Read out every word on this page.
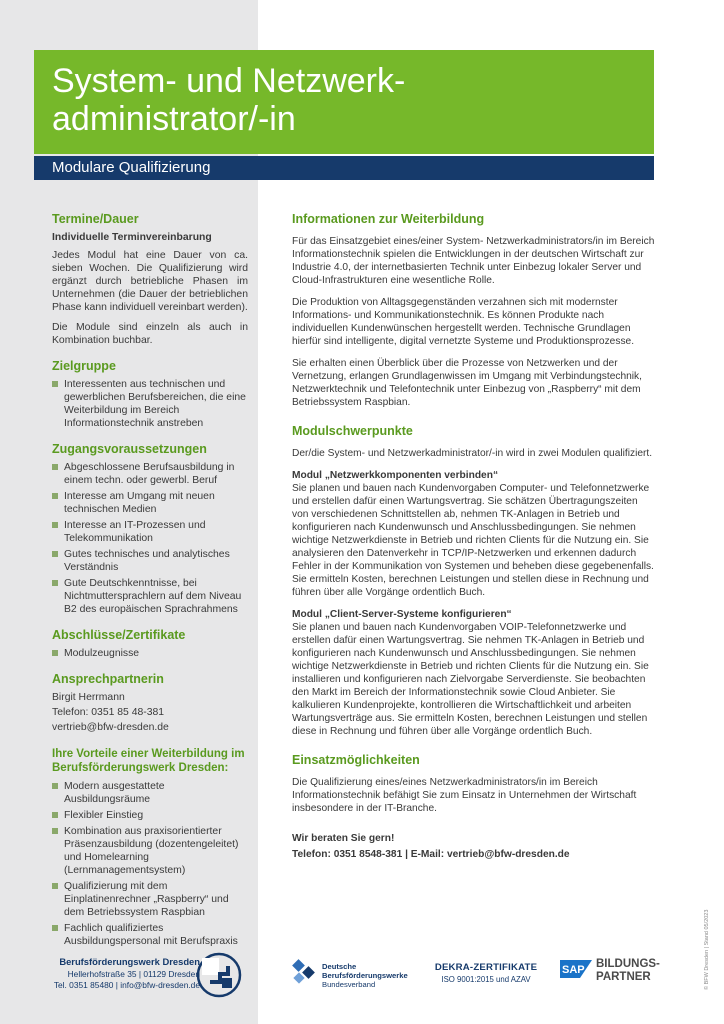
System- und Netzwerk-
administrator/-in
Modulare Qualifizierung
Termine/Dauer

Individuelle Terminvereinbarung

Jedes Modul hat eine Dauer von ca. sieben Wochen. Die Qualifizierung wird ergänzt durch betriebliche Phasen im Unternehmen (die Dauer der betrieblichen Phase kann individuell vereinbart werden).

Die Module sind einzeln als auch in Kombination buchbar.

Zielgruppe
Interessenten aus technischen und gewerblichen Berufsbereichen, die eine Weiterbildung im Bereich Informationstechnik anstreben
Zugangsvoraussetzungen
Abgeschlossene Berufsausbildung in einem techn. oder gewerbl. Beruf
Interesse am Umgang mit neuen technischen Medien
Interesse an IT-Prozessen und Telekommunikation
Gutes technisches und analytisches Verständnis
Gute Deutschkenntnisse, bei Nichtmuttersprachlern auf dem Niveau B2 des europäischen Sprachrahmens
Abschlüsse/Zertifikate
Modulzeugnisse
Ansprechpartnerin
Birgit Herrmann
Telefon: 0351 85 48-381
vertrieb@bfw-dresden.de
Ihre Vorteile einer Weiterbildung im Berufsförderungswerk Dresden:
Modern ausgestattete Ausbildungsräume
Flexibler Einstieg
Kombination aus praxisorientierter Präsenzausbildung (dozentengeleitet) und Homelearning (Lernmanagementsystem)
Qualifizierung mit dem Einplatinenrechner „Raspberry“ und dem Betriebssystem Raspbian
Fachlich qualifiziertes Ausbildungspersonal mit Berufspraxis
Informationen zur Weiterbildung

Für das Einsatzgebiet eines/einer System- Netzwerkadministrators/in im Bereich Informationstechnik spielen die Entwicklungen in der deutschen Wirtschaft zur Industrie 4.0, der internetbasierten Technik unter Einbezug lokaler Server und Cloud-Infrastrukturen eine wesentliche Rolle.

Die Produktion von Alltagsgegenständen verzahnen sich mit modernster Informations- und Kommunikationstechnik. Es können Produkte nach individuellen Kundenwünschen hergestellt werden. Technische Grundlagen hierfür sind intelligente, digital vernetzte Systeme und Produktionsprozesse.

Sie erhalten einen Überblick über die Prozesse von Netzwerken und der Vernetzung, erlangen Grundlagenwissen im Umgang mit Verbindungstechnik, Netzwerktechnik und Telefontechnik unter Einbezug von „Raspberry“ mit dem Betriebssystem Raspbian.

Modulschwerpunkte

Der/die System- und Netzwerkadministrator/-in wird in zwei Modulen qualifiziert.

Modul „Netzwerkkomponenten verbinden“
Sie planen und bauen nach Kundenvorgaben Computer- und Telefonnetzwerke und erstellen dafür einen Wartungsvertrag. Sie schätzen Übertragungszeiten von verschiedenen Schnittstellen ab, nehmen TK-Anlagen in Betrieb und konfigurieren nach Kundenwunsch und Anschlussbedingungen. Sie nehmen wichtige Netzwerkdienste in Betrieb und richten Clients für die Nutzung ein. Sie analysieren den Datenverkehr in TCP/IP-Netzwerken und erkennen dadurch Fehler in der Kommunikation von Systemen und beheben diese gegebenenfalls. Sie ermitteln Kosten, berechnen Leistungen und stellen diese in Rechnung und führen über alle Vorgänge ordentlich Buch.

Modul „Client-Server-Systeme konfigurieren“
Sie planen und bauen nach Kundenvorgaben VOIP-Telefonnetzwerke und erstellen dafür einen Wartungsvertrag. Sie nehmen TK-Anlagen in Betrieb und konfigurieren nach Kundenwunsch und Anschlussbedingungen. Sie nehmen wichtige Netzwerkdienste in Betrieb und richten Clients für die Nutzung ein. Sie installieren und konfigurieren nach Zielvorgabe Serverdienste. Sie beobachten den Markt im Bereich der Informationstechnik sowie Cloud Anbieter. Sie kalkulieren Kundenprojekte, kontrollieren die Wirtschaftlichkeit und arbeiten Wartungsverträge aus. Sie ermitteln Kosten, berechnen Leistungen und stellen diese in Rechnung und führen über alle Vorgänge ordentlich Buch.

Einsatzmöglichkeiten

Die Qualifizierung eines/eines Netzwerkadministrators/in im Bereich Informationstechnik befähigt Sie zum Einsatz in Unternehmen der Wirtschaft insbesondere in der IT-Branche.

Wir beraten Sie gern!
Telefon: 0351 8548-381 | E-Mail: vertrieb@bfw-dresden.de
Berufsförderungswerk Dresden
Hellerhofstraße 35 | 01129 Dresden
Tel. 0351 85480 | info@bfw-dresden.de
Deutsche
Berufsförderungswerke
Bundesverband
DEKRA-ZERTIFIKATE
ISO 9001:2015 und AZAV
SAP BILDUNGS-
PARTNER	© BFW Dresden | Stand 05/2023
